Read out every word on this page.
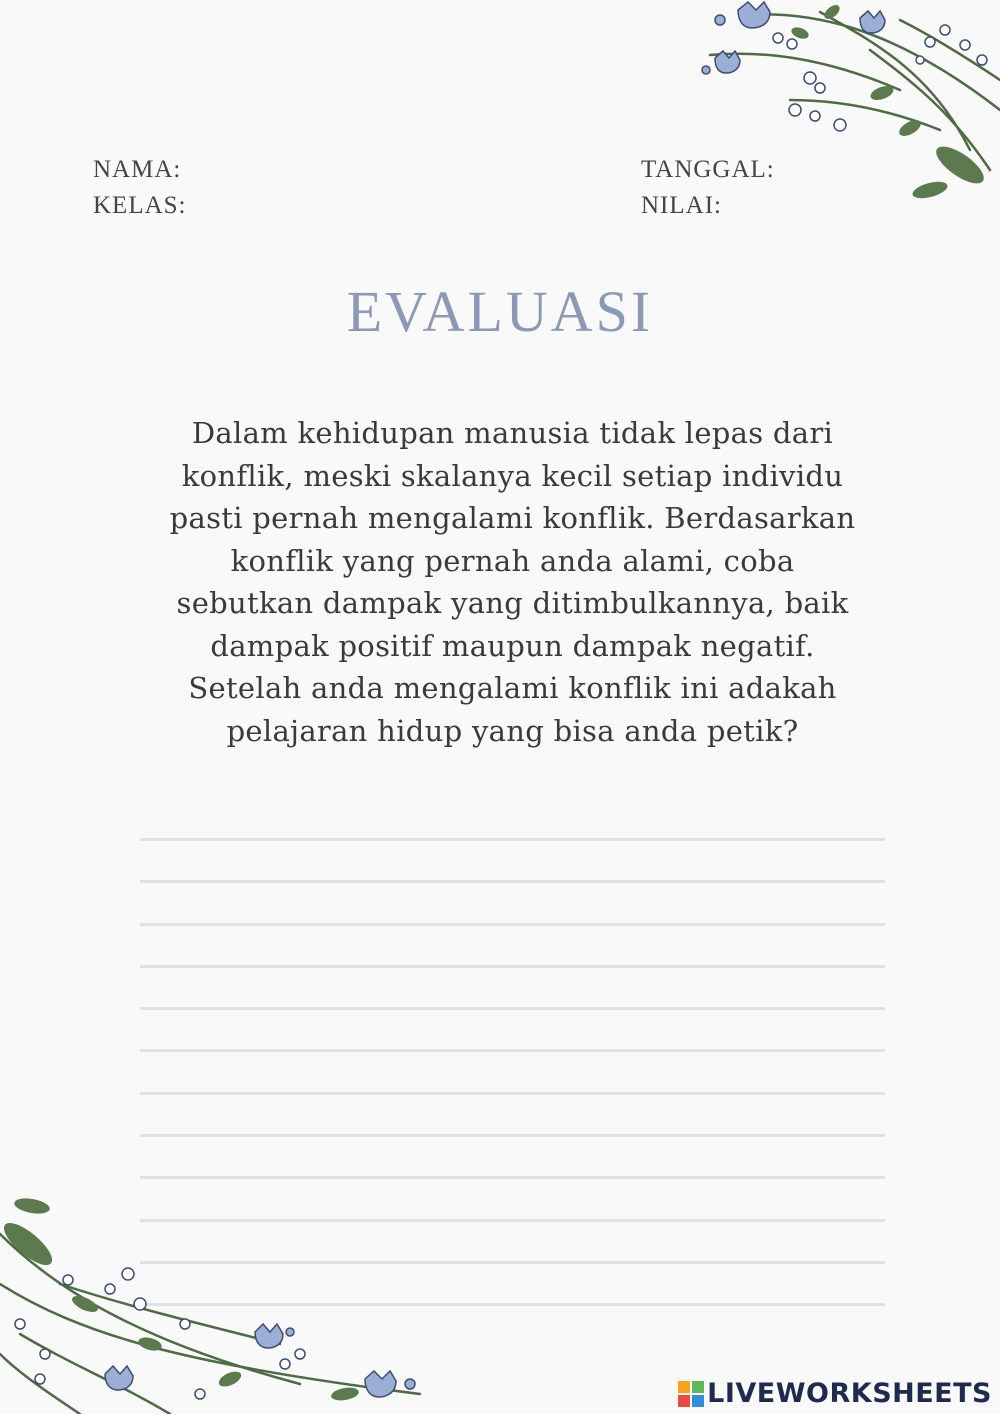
NAMA:
KELAS:
TANGGAL:
NILAI:
EVALUASI

Dalam kehidupan manusia tidak lepas dari
konflik, meski skalanya kecil setiap individu
pasti pernah mengalami konflik. Berdasarkan
konflik yang pernah anda alami, coba
sebutkan dampak yang ditimbulkannya, baik
dampak positif maupun dampak negatif.
Setelah anda mengalami konflik ini adakah
pelajaran hidup yang bisa anda petik?

LIVEWORKSHEETS
